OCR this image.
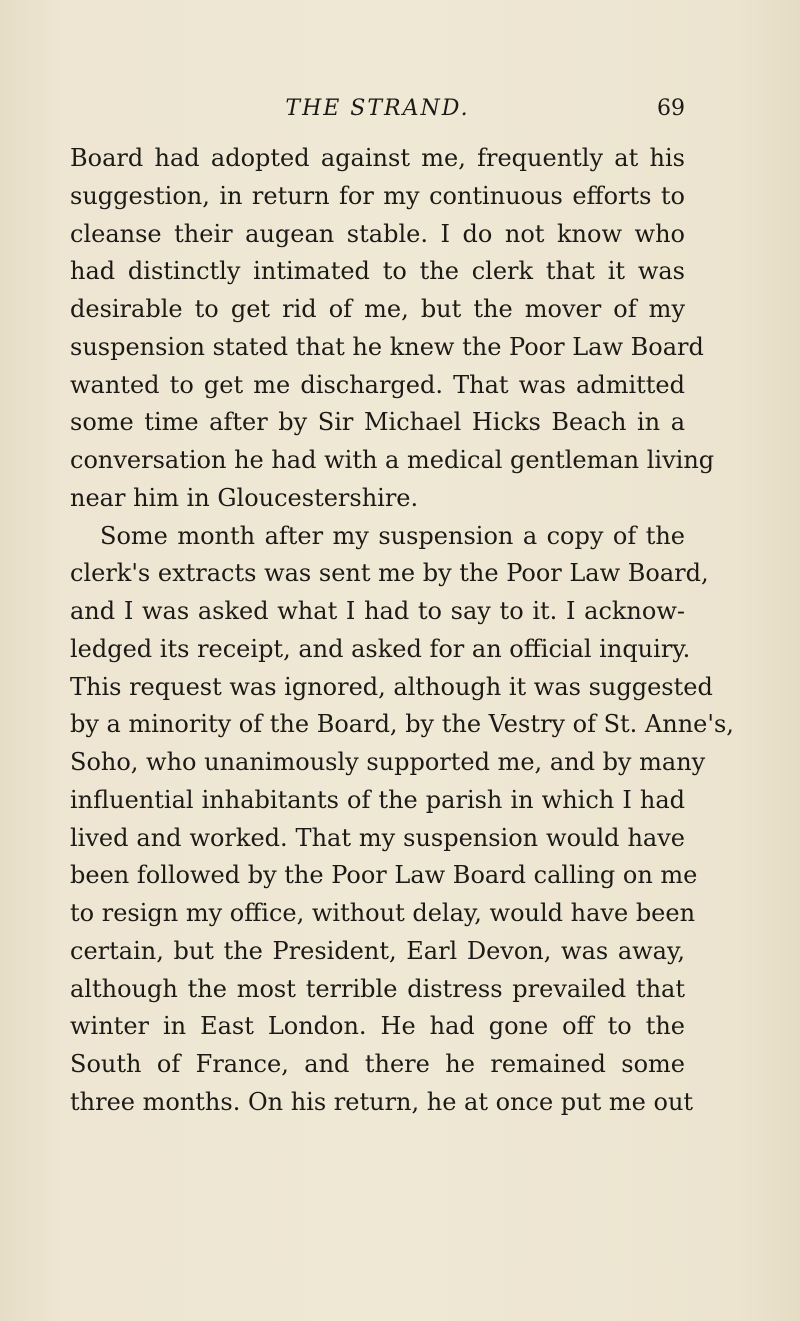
THE STRAND.	69
Board had adopted against me, frequently at his
suggestion, in return for my continuous efforts to
cleanse their augean stable. I do not know who
had distinctly intimated to the clerk that it was
desirable to get rid of me, but the mover of my
suspension stated that he knew the Poor Law Board
wanted to get me discharged. That was admitted
some time after by Sir Michael Hicks Beach in a
conversation he had with a medical gentleman living
near him in Gloucestershire.
Some month after my suspension a copy of the
clerk's extracts was sent me by the Poor Law Board,
and I was asked what I had to say to it. I acknow-
ledged its receipt, and asked for an official inquiry.
This request was ignored, although it was suggested
by a minority of the Board, by the Vestry of St. Anne's,
Soho, who unanimously supported me, and by many
influential inhabitants of the parish in which I had
lived and worked. That my suspension would have
been followed by the Poor Law Board calling on me
to resign my office, without delay, would have been
certain, but the President, Earl Devon, was away,
although the most terrible distress prevailed that
winter in East London. He had gone off to the
South of France, and there he remained some
three months. On his return, he at once put me out
